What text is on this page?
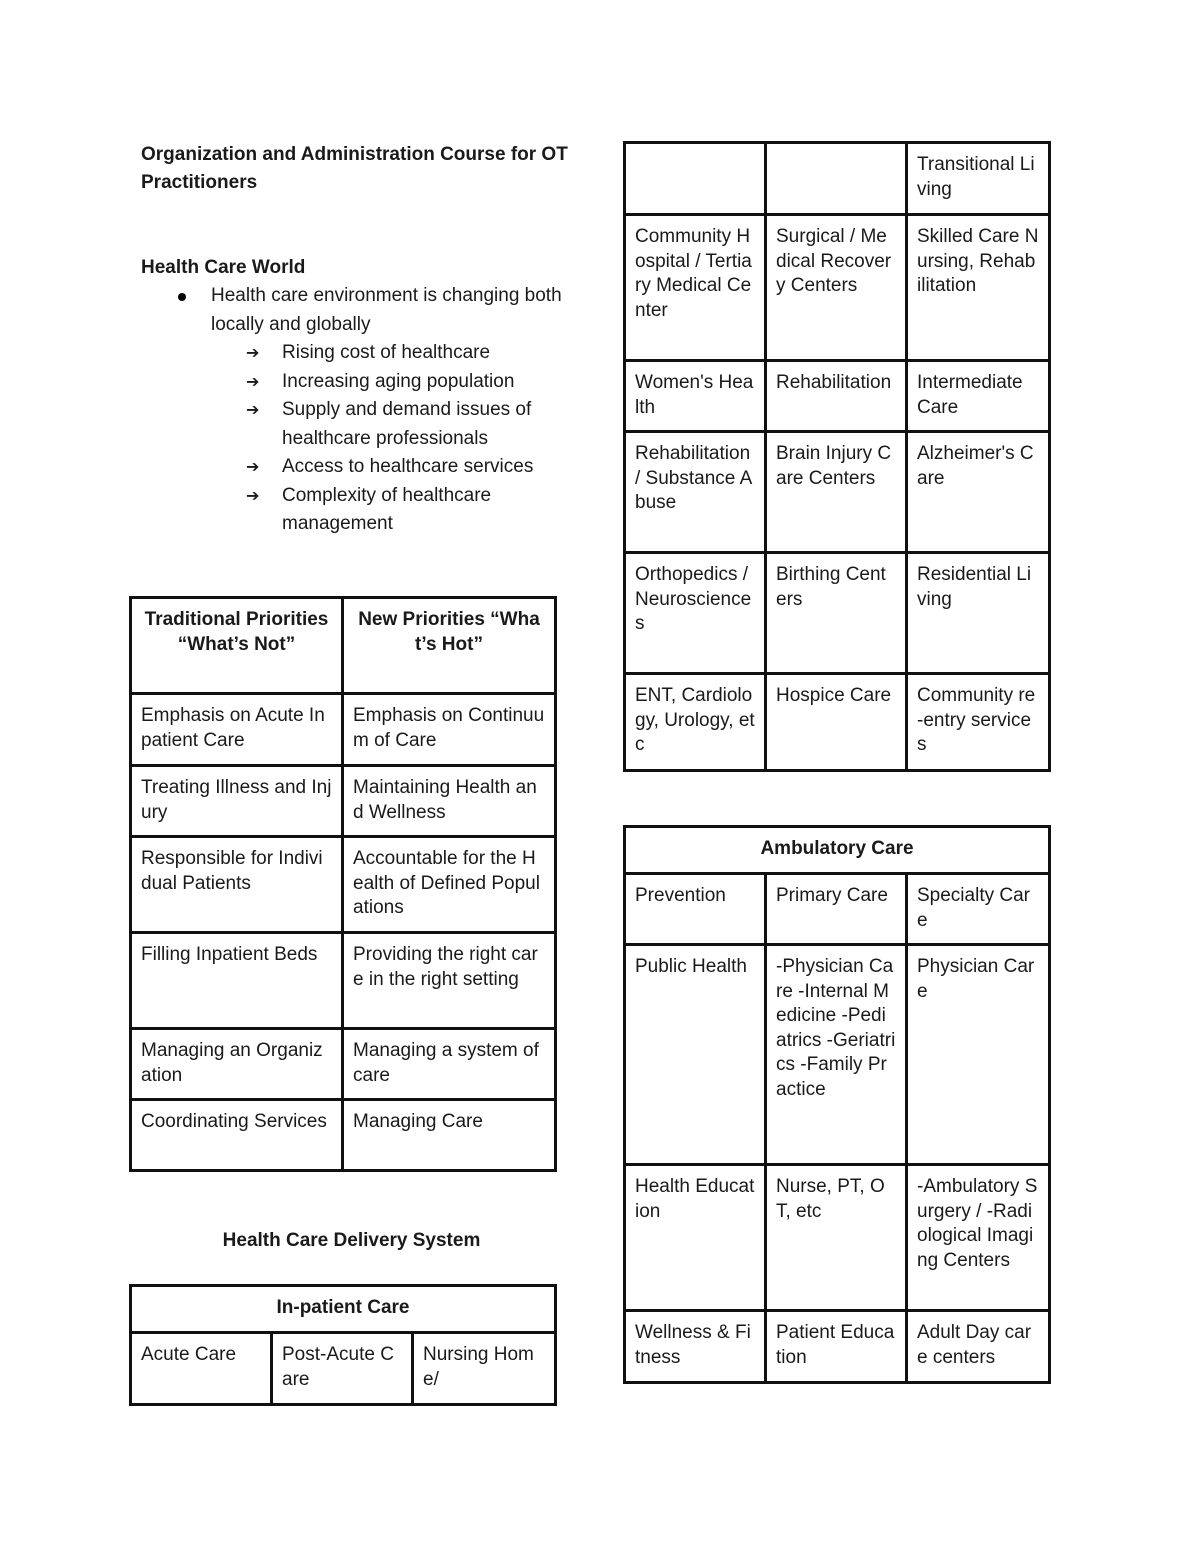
Organization and Administration Course for OT Practitioners
Health Care World
Health care environment is changing both locally and globally
➔ Rising cost of healthcare
➔ Increasing aging population
➔ Supply and demand issues of healthcare professionals
➔ Access to healthcare services
➔ Complexity of healthcare management
Traditional Priorities “What’s Not”	New Priorities “What’s Hot”
Emphasis on Acute In patient Care	Emphasis on Continuum of Care
Treating Illness and Injury	Maintaining Health and Wellness
Responsible for Individual Patients	Accountable for the Health of Defined Populations
Filling Inpatient Beds	Providing the right care in the right setting
Managing an Organization	Managing a system of care
Coordinating Services	Managing Care
Health Care Delivery System
In-patient Care
Acute Care	Post-Acute Care	Nursing Home/
		Transitional Living
Community Hospital / Tertiary Medical Center	Surgical / Medical Recovery Centers	Skilled Care Nursing, Rehabilitation
Women's Health	Rehabilitation	Intermediate Care
Rehabilitation / Substance Abuse	Brain Injury Care Centers	Alzheimer's Care
Orthopedics / Neurosciences	Birthing Centers	Residential Living
ENT, Cardiology, Urology, etc	Hospice Care	Community re-entry services
Ambulatory Care		
Prevention	Primary Care	Specialty Care
Public Health	-Physician Care -Internal Medicine -Pediatrics -Geriatrics -Family Practice	Physician Care
Health Education	Nurse, PT, OT, etc	-Ambulatory Surgery / -Radiological Imaging Centers
Wellness & Fitness	Patient Education	Adult Day care centers
